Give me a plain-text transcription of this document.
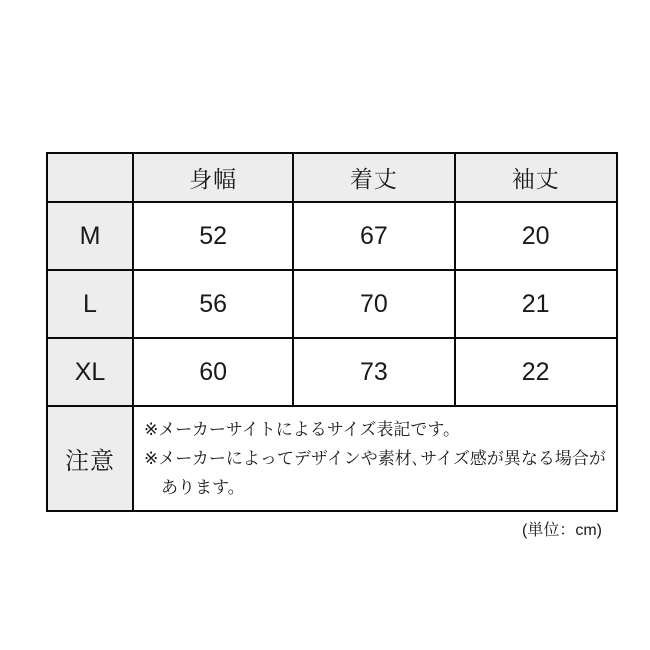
	身幅	着丈	袖丈
M	52	67	20
L	56	70	21
XL	60	73	22
注意	※メーカーサイトによるサイズ表記です。
※メーカーによってデザインや素材､サイズ感が異なる場合が
あります。		
(単位：cm)
